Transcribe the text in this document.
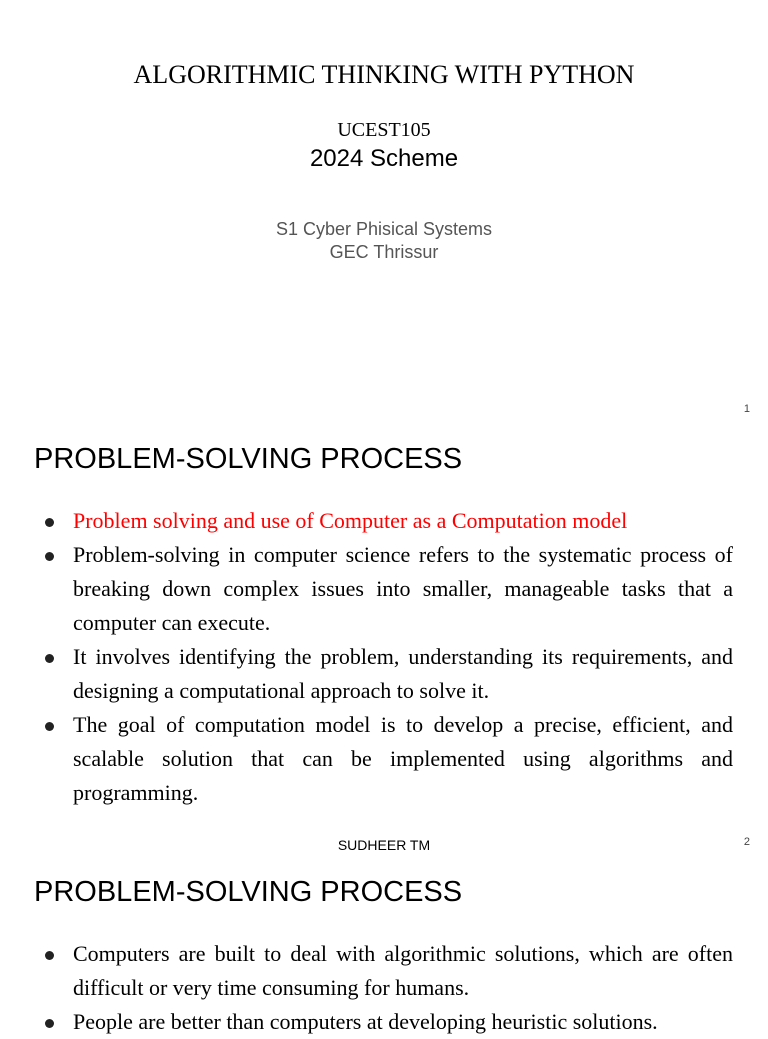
ALGORITHMIC THINKING WITH PYTHON
UCEST105
2024 Scheme
S1 Cyber Phisical Systems
GEC Thrissur
1
PROBLEM-SOLVING PROCESS
Problem solving and use of Computer as a Computation model
Problem-solving in computer science refers to the systematic process of breaking down complex issues into smaller, manageable tasks that a computer can execute.
It involves identifying the problem, understanding its requirements, and designing a computational approach to solve it.
The goal of computation model is to develop a precise, efficient, and scalable solution that can be implemented using algorithms and programming.
SUDHEER TM	2
PROBLEM-SOLVING PROCESS
Computers are built to deal with algorithmic solutions, which are often difficult or very time consuming for humans.
People are better than computers at developing heuristic solutions.
